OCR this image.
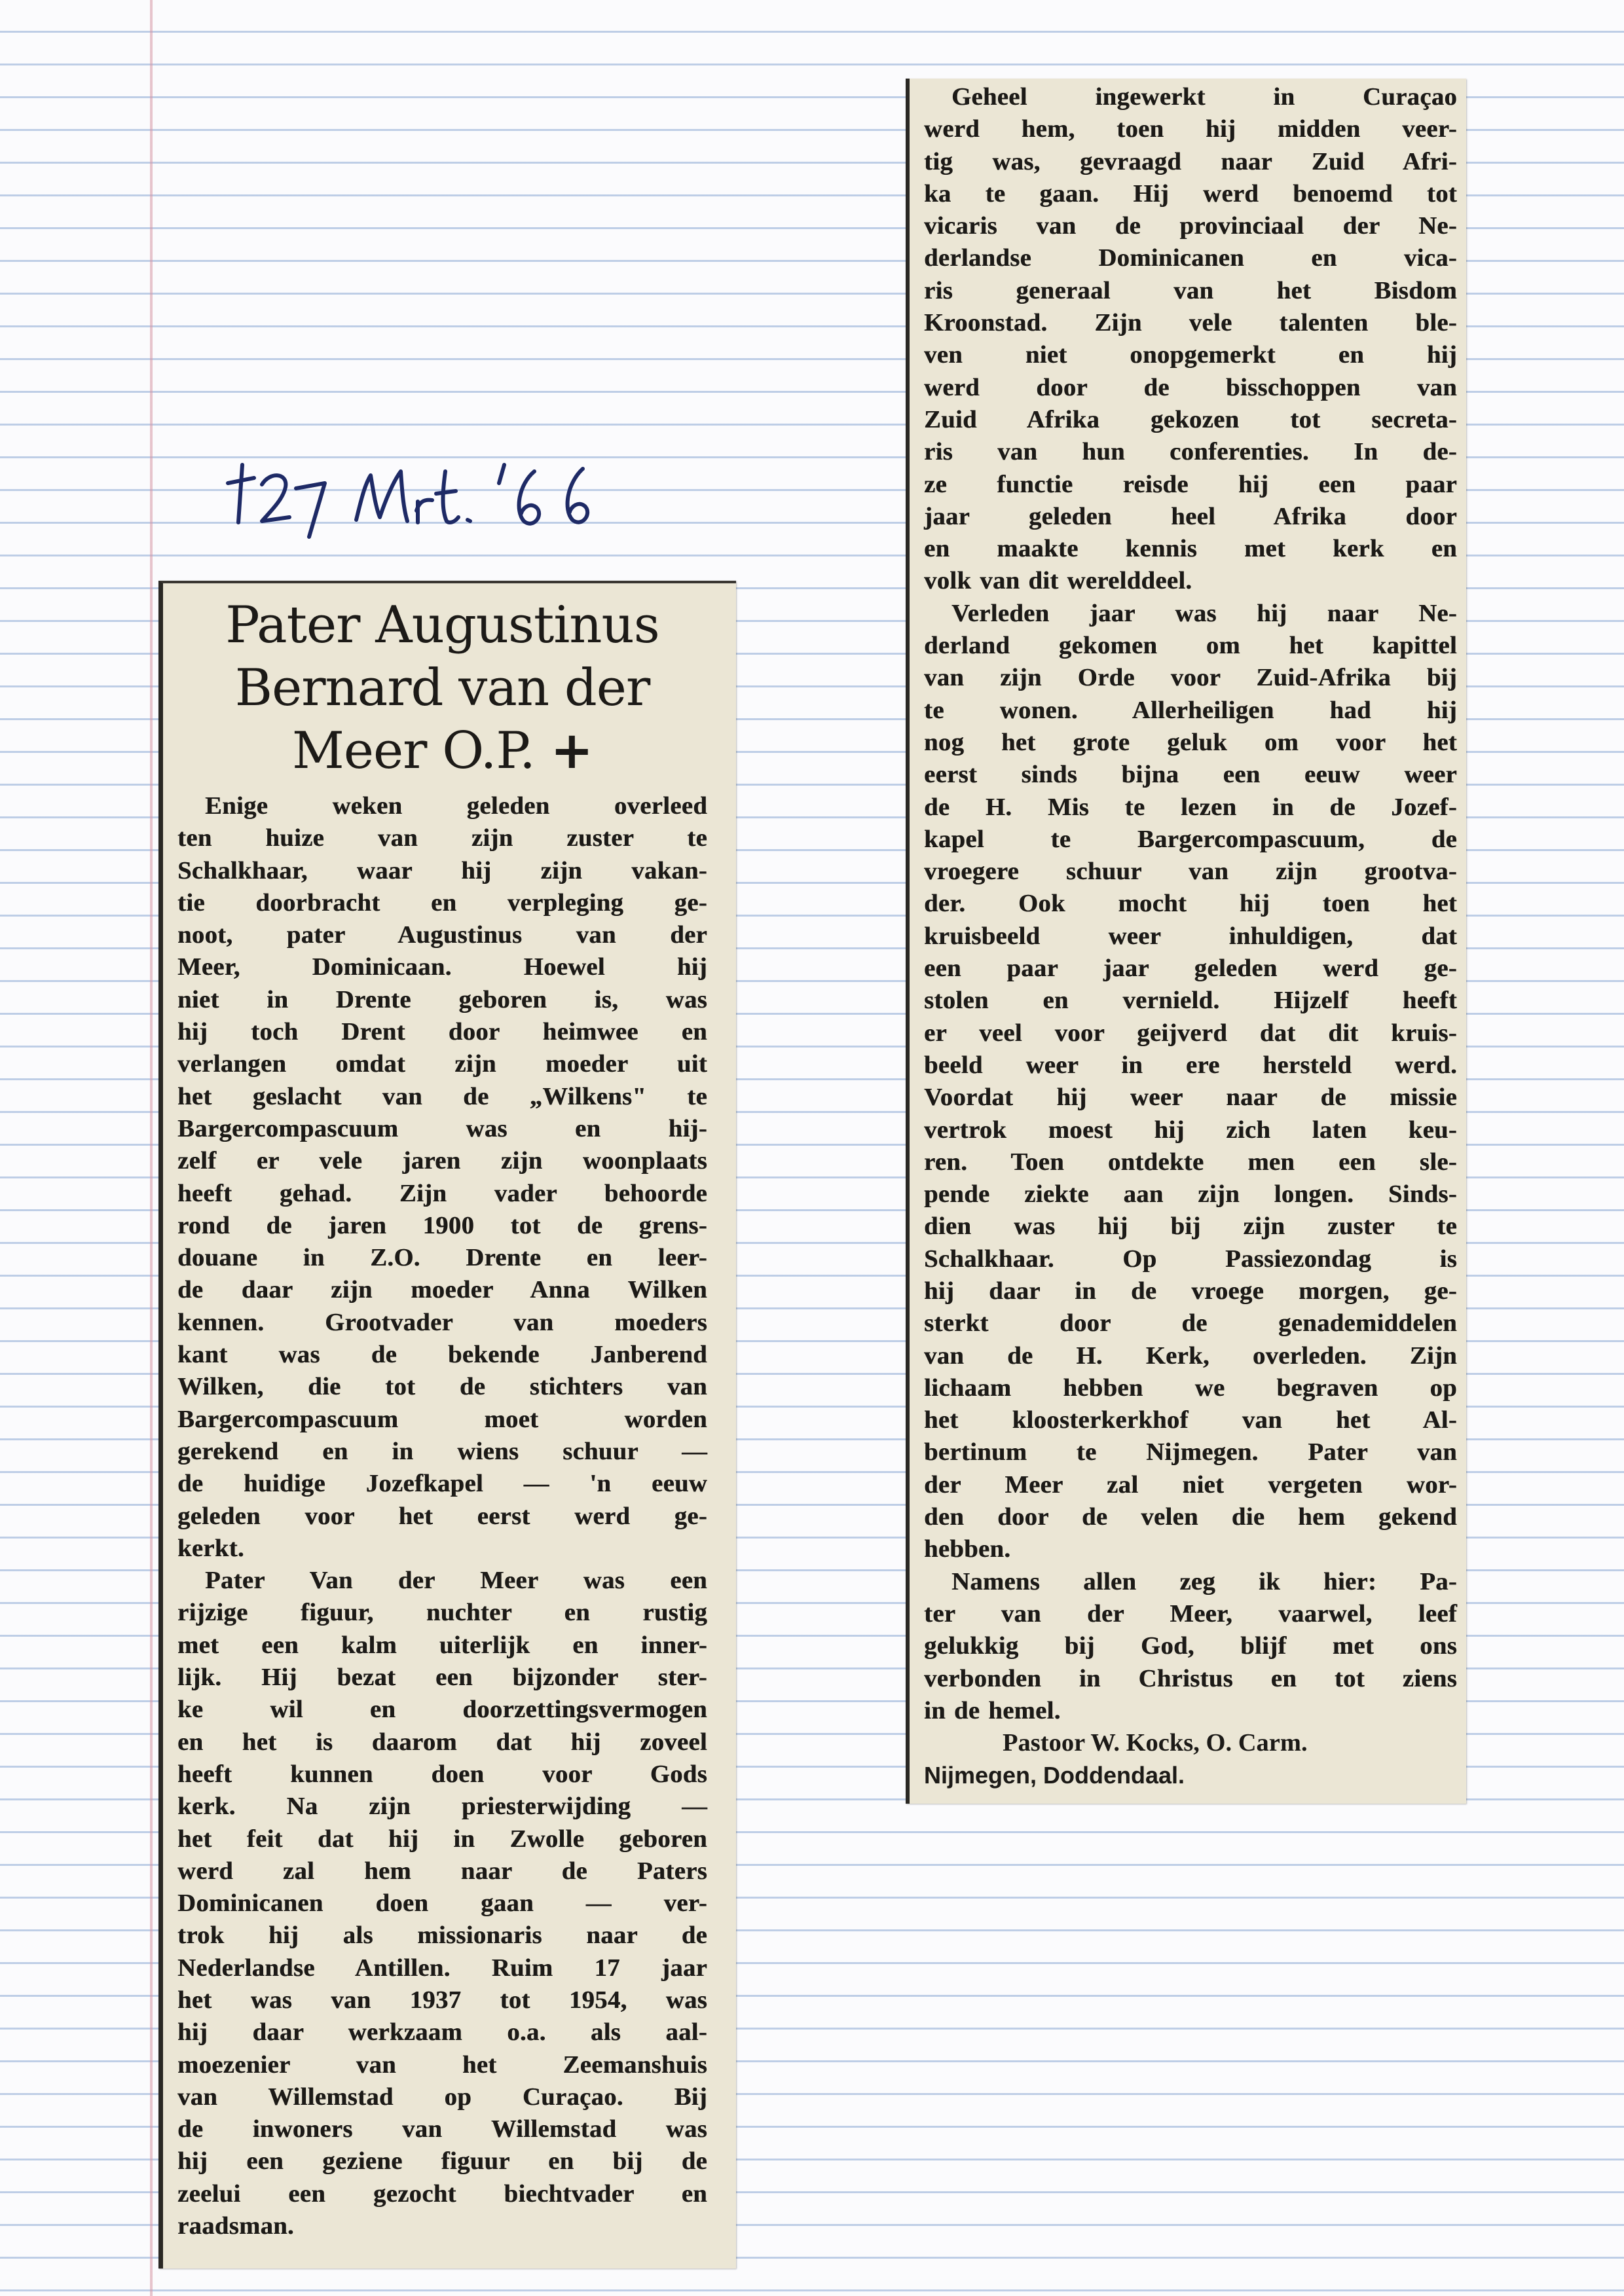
Pater Augustinus
Bernard van der
Meer O.P. +
Enige weken geleden overleed
ten huize van zijn zuster te
Schalkhaar, waar hij zijn vakan-
tie doorbracht en verpleging ge-
noot, pater Augustinus van der
Meer, Dominicaan. Hoewel hij
niet in Drente geboren is, was
hij toch Drent door heimwee en
verlangen omdat zijn moeder uit
het geslacht van de „Wilkens" te
Bargercompascuum was en hij-
zelf er vele jaren zijn woonplaats
heeft gehad. Zijn vader behoorde
rond de jaren 1900 tot de grens-
douane in Z.O. Drente en leer-
de daar zijn moeder Anna Wilken
kennen. Grootvader van moeders
kant was de bekende Janberend
Wilken, die tot de stichters van
Bargercompascuum moet worden
gerekend en in wiens schuur —
de huidige Jozefkapel — 'n eeuw
geleden voor het eerst werd ge-
kerkt.
Pater Van der Meer was een
rijzige figuur, nuchter en rustig
met een kalm uiterlijk en inner-
lijk. Hij bezat een bijzonder ster-
ke wil en doorzettingsvermogen
en het is daarom dat hij zoveel
heeft kunnen doen voor Gods
kerk. Na zijn priesterwijding —
het feit dat hij in Zwolle geboren
werd zal hem naar de Paters
Dominicanen doen gaan — ver-
trok hij als missionaris naar de
Nederlandse Antillen. Ruim 17 jaar
het was van 1937 tot 1954, was
hij daar werkzaam o.a. als aal-
moezenier van het Zeemanshuis
van Willemstad op Curaçao. Bij
de inwoners van Willemstad was
hij een geziene figuur en bij de
zeelui een gezocht biechtvader en
raadsman.
Geheel ingewerkt in Curaçao
werd hem, toen hij midden veer-
tig was, gevraagd naar Zuid Afri-
ka te gaan. Hij werd benoemd tot
vicaris van de provinciaal der Ne-
derlandse Dominicanen en vica-
ris generaal van het Bisdom
Kroonstad. Zijn vele talenten ble-
ven niet onopgemerkt en hij
werd door de bisschoppen van
Zuid Afrika gekozen tot secreta-
ris van hun conferenties. In de-
ze functie reisde hij een paar
jaar geleden heel Afrika door
en maakte kennis met kerk en
volk van dit werelddeel.
Verleden jaar was hij naar Ne-
derland gekomen om het kapittel
van zijn Orde voor Zuid-Afrika bij
te wonen. Allerheiligen had hij
nog het grote geluk om voor het
eerst sinds bijna een eeuw weer
de H. Mis te lezen in de Jozef-
kapel te Bargercompascuum, de
vroegere schuur van zijn grootva-
der. Ook mocht hij toen het
kruisbeeld weer inhuldigen, dat
een paar jaar geleden werd ge-
stolen en vernield. Hijzelf heeft
er veel voor geijverd dat dit kruis-
beeld weer in ere hersteld werd.
Voordat hij weer naar de missie
vertrok moest hij zich laten keu-
ren. Toen ontdekte men een sle-
pende ziekte aan zijn longen. Sinds-
dien was hij bij zijn zuster te
Schalkhaar. Op Passiezondag is
hij daar in de vroege morgen, ge-
sterkt door de genademiddelen
van de H. Kerk, overleden. Zijn
lichaam hebben we begraven op
het kloosterkerkhof van het Al-
bertinum te Nijmegen. Pater van
der Meer zal niet vergeten wor-
den door de velen die hem gekend
hebben.
Namens allen zeg ik hier: Pa-
ter van der Meer, vaarwel, leef
gelukkig bij God, blijf met ons
verbonden in Christus en tot ziens
in de hemel.
Pastoor W. Kocks, O. Carm.
Nijmegen, Doddendaal.
